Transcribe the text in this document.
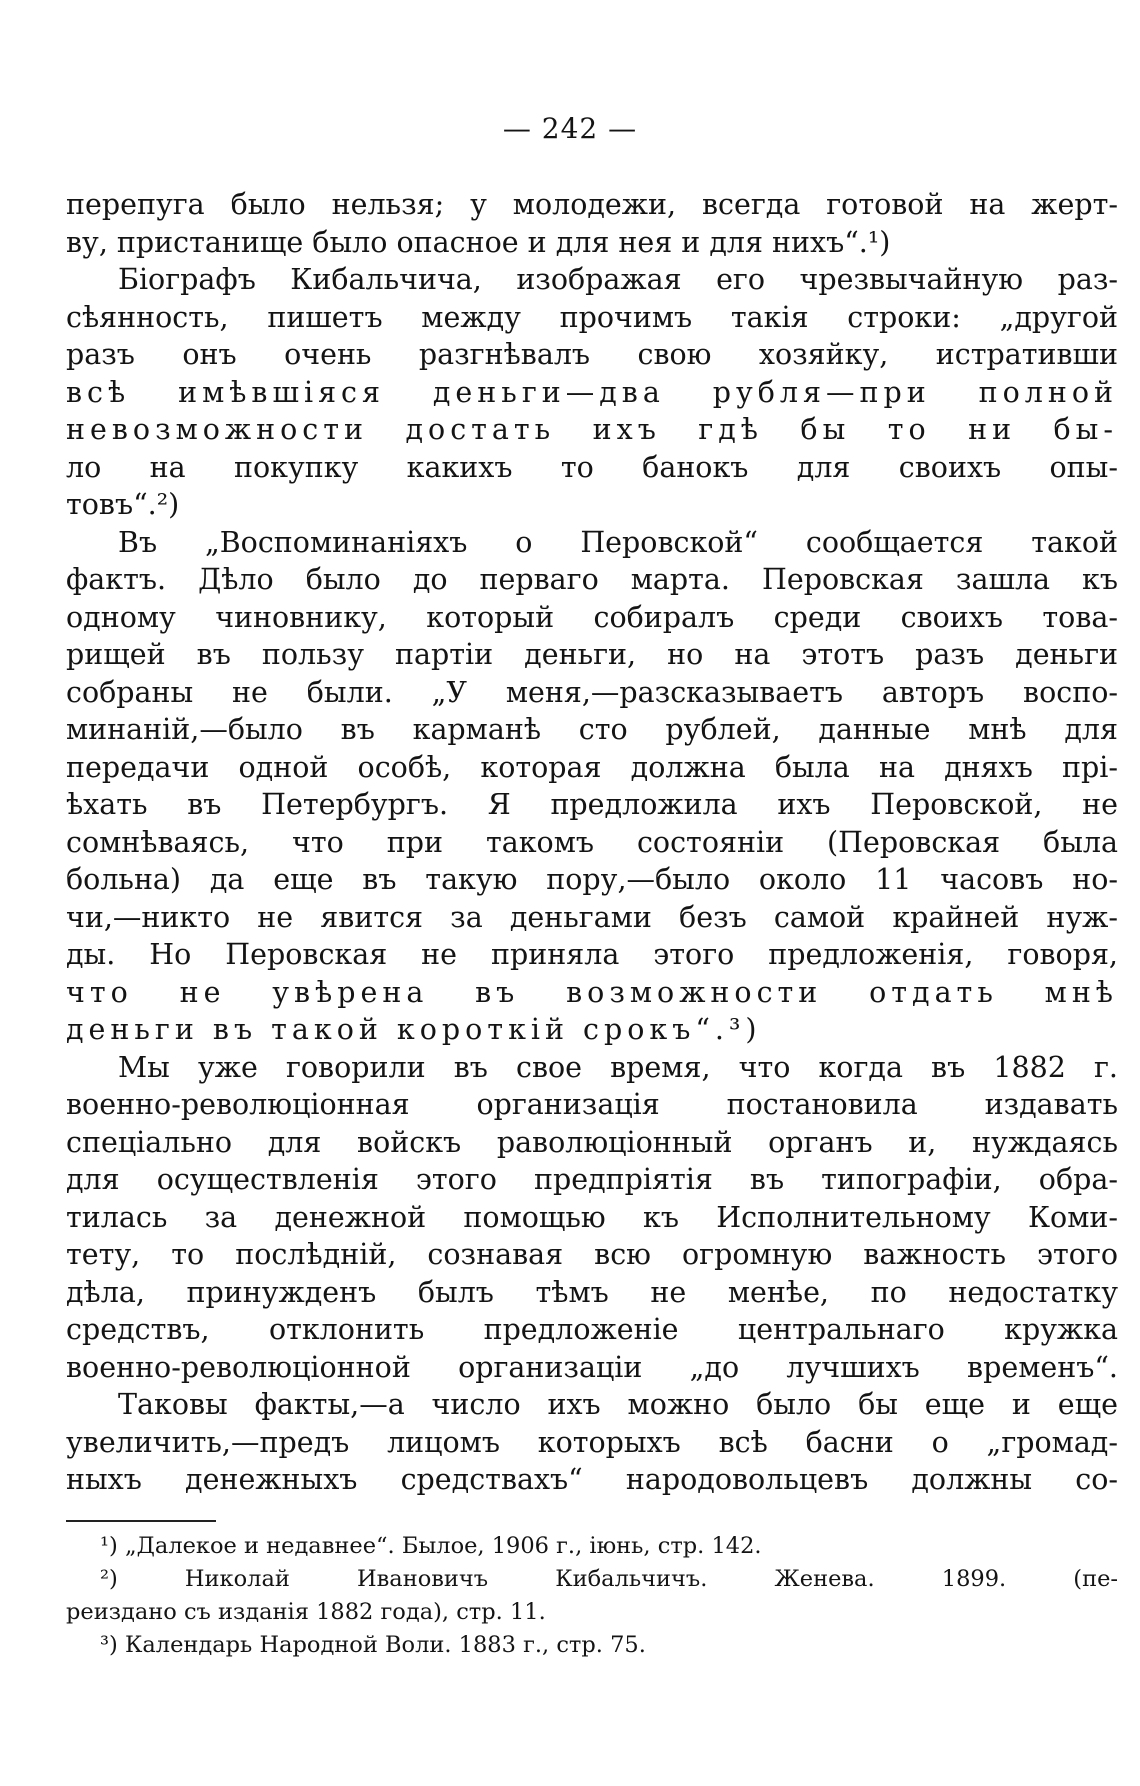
— 242 —
перепуга было нельзя; у молодежи, всегда готовой на жерт-
ву, пристанище было опасное и для нея и для нихъ“.¹)
Біографъ Кибальчича, изображая его чрезвычайную раз-
сѣянность, пишетъ между прочимъ такія строки: „другой
разъ онъ очень разгнѣвалъ свою хозяйку, истративши
всѣ имѣвшіяся деньги—два рубля—при полной
невозможности достать ихъ гдѣ бы то ни бы-
ло на покупку какихъ то банокъ для своихъ опы-
товъ“.²)
Въ „Воспоминаніяхъ о Перовской“ сообщается такой
фактъ. Дѣло было до перваго марта. Перовская зашла къ
одному чиновнику, который собиралъ среди своихъ това-
рищей въ пользу партіи деньги, но на этотъ разъ деньги
собраны не были. „У меня,—разсказываетъ авторъ воспо-
минаній,—было въ карманѣ сто рублей, данные мнѣ для
передачи одной особѣ, которая должна была на дняхъ прі-
ѣхать въ Петербургъ. Я предложила ихъ Перовской, не
сомнѣваясь, что при такомъ состояніи (Перовская была
больна) да еще въ такую пору,—было около 11 часовъ но-
чи,—никто не явится за деньгами безъ самой крайней нуж-
ды. Но Перовская не приняла этого предложенія, говоря,
что не увѣрена въ возможности отдать мнѣ
деньги въ такой короткій срокъ“.³)
Мы уже говорили въ свое время, что когда въ 1882 г.
военно-революціонная организація постановила издавать
спеціально для войскъ раволюціонный органъ и, нуждаясь
для осуществленія этого предпріятія въ типографіи, обра-
тилась за денежной помощью къ Исполнительному Коми-
тету, то послѣдній, сознавая всю огромную важность этого
дѣла, принужденъ былъ тѣмъ не менѣе, по недостатку
средствъ, отклонить предложеніе центральнаго кружка
военно-революціонной организаціи „до лучшихъ временъ“.
Таковы факты,—а число ихъ можно было бы еще и еще
увеличить,—предъ лицомъ которыхъ всѣ басни о „громад-
ныхъ денежныхъ средствахъ“ народовольцевъ должны со-
¹) „Далекое и недавнее“. Былое, 1906 г., іюнь, стр. 142.
²) Николай Ивановичъ Кибальчичъ. Женева. 1899. (пе-
реиздано съ изданія 1882 года), стр. 11.
³) Календарь Народной Воли. 1883 г., стр. 75.
